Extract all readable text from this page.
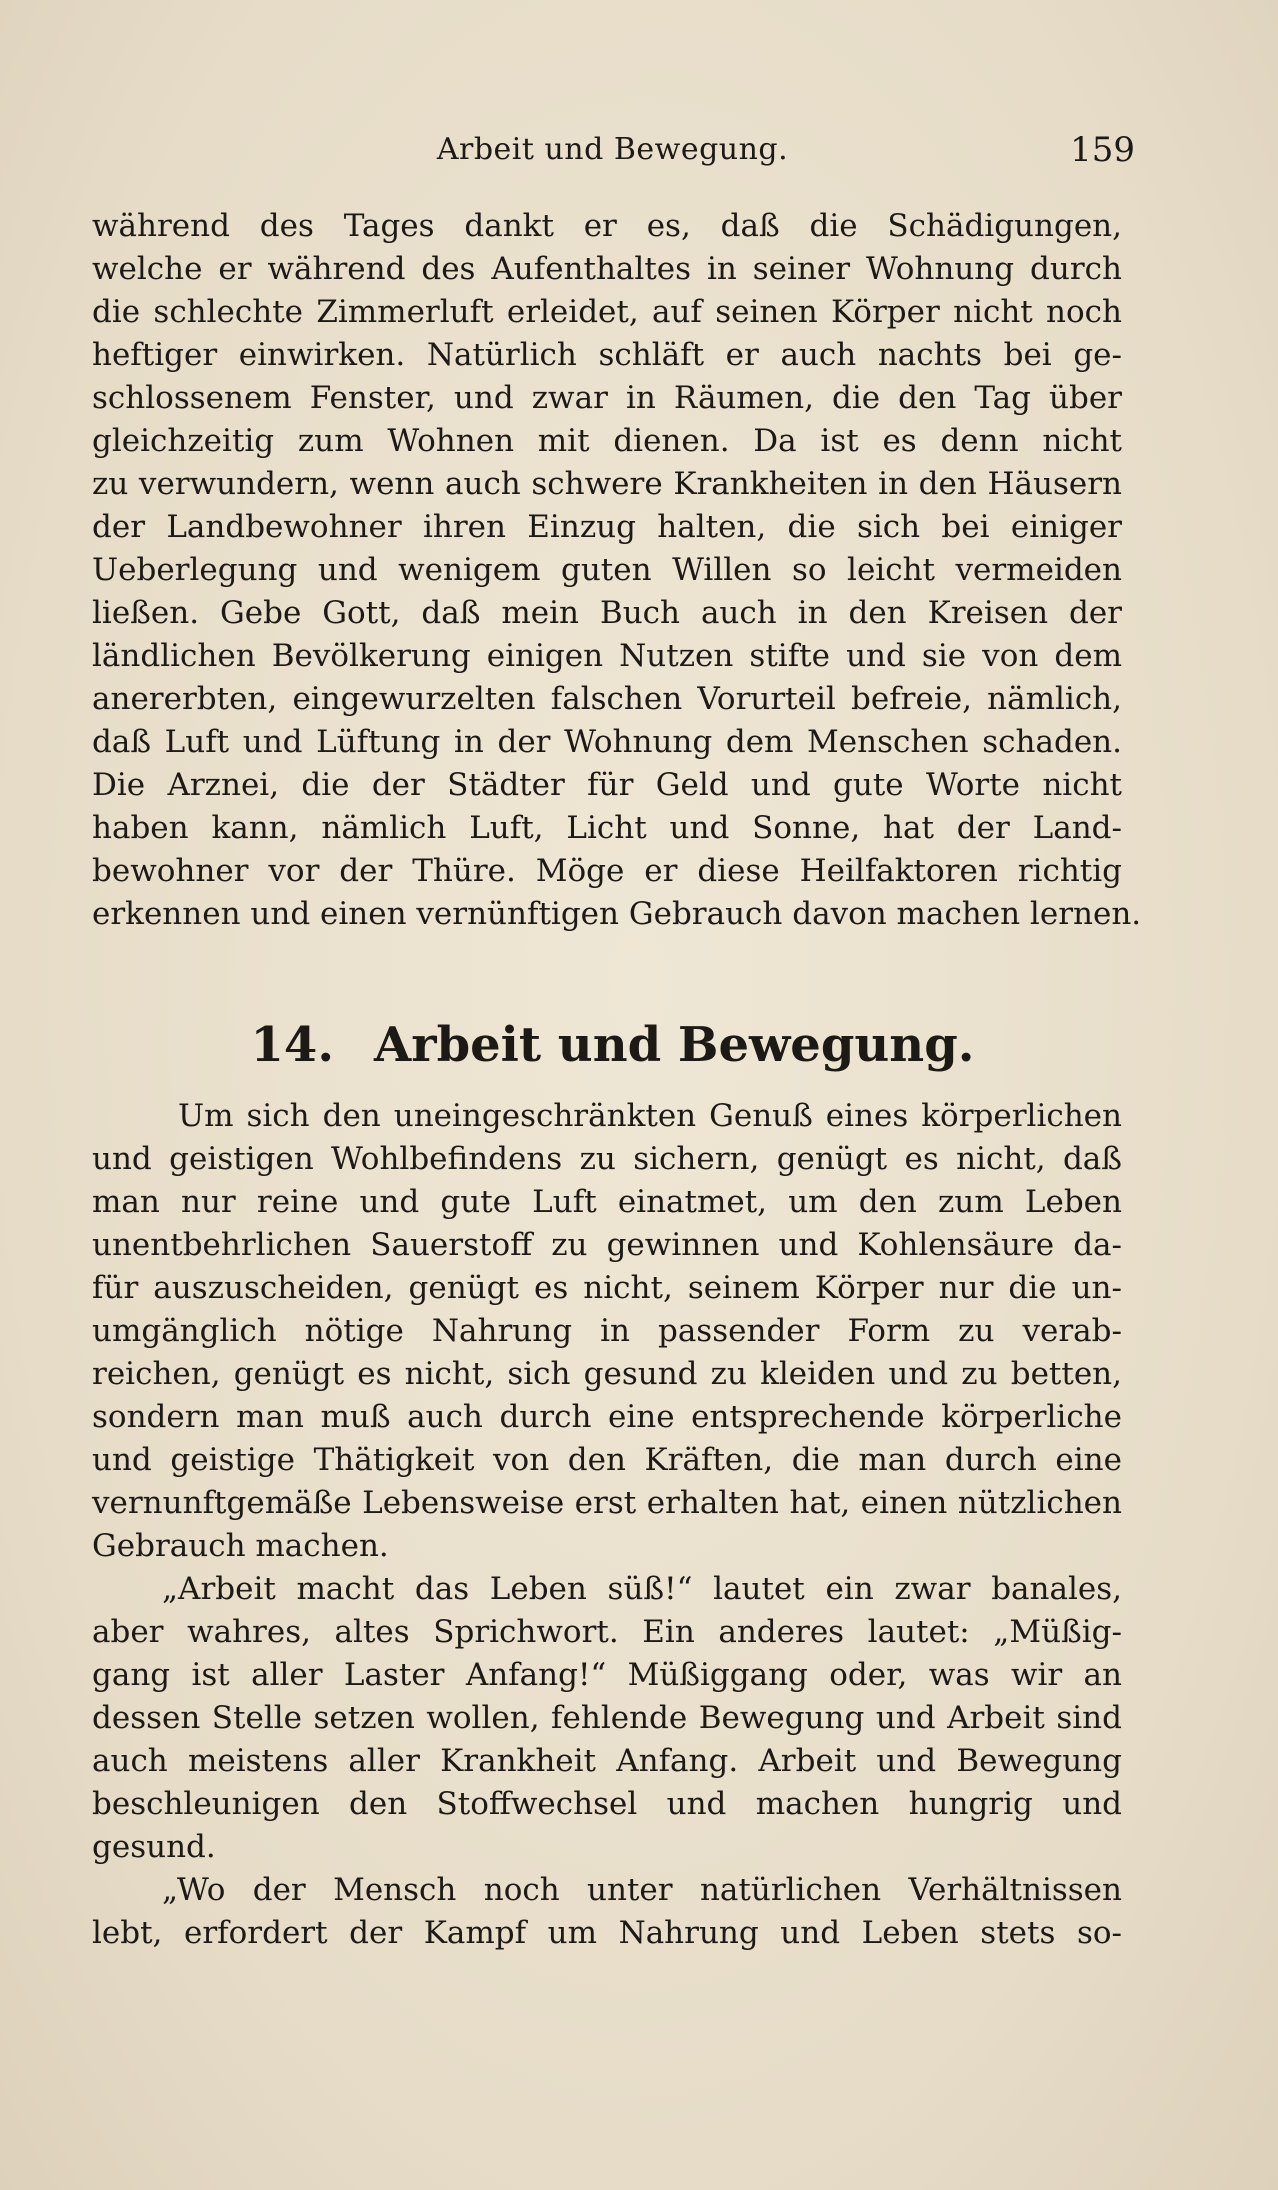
Arbeit und Bewegung.	159
während des Tages dankt er es, daß die Schädigungen,
welche er während des Aufenthaltes in seiner Wohnung durch
die schlechte Zimmerluft erleidet, auf seinen Körper nicht noch
heftiger einwirken. Natürlich schläft er auch nachts bei ge-
schlossenem Fenster, und zwar in Räumen, die den Tag über
gleichzeitig zum Wohnen mit dienen. Da ist es denn nicht
zu verwundern, wenn auch schwere Krankheiten in den Häusern
der Landbewohner ihren Einzug halten, die sich bei einiger
Ueberlegung und wenigem guten Willen so leicht vermeiden
ließen. Gebe Gott, daß mein Buch auch in den Kreisen der
ländlichen Bevölkerung einigen Nutzen stifte und sie von dem
anererbten, eingewurzelten falschen Vorurteil befreie, nämlich,
daß Luft und Lüftung in der Wohnung dem Menschen schaden.
Die Arznei, die der Städter für Geld und gute Worte nicht
haben kann, nämlich Luft, Licht und Sonne, hat der Land-
bewohner vor der Thüre. Möge er diese Heilfaktoren richtig
erkennen und einen vernünftigen Gebrauch davon machen lernen.
14. Arbeit und Bewegung.
Um sich den uneingeschränkten Genuß eines körperlichen
und geistigen Wohlbefindens zu sichern, genügt es nicht, daß
man nur reine und gute Luft einatmet, um den zum Leben
unentbehrlichen Sauerstoff zu gewinnen und Kohlensäure da-
für auszuscheiden, genügt es nicht, seinem Körper nur die un-
umgänglich nötige Nahrung in passender Form zu verab-
reichen, genügt es nicht, sich gesund zu kleiden und zu betten,
sondern man muß auch durch eine entsprechende körperliche
und geistige Thätigkeit von den Kräften, die man durch eine
vernunftgemäße Lebensweise erst erhalten hat, einen nützlichen
Gebrauch machen.
„Arbeit macht das Leben süß!“ lautet ein zwar banales,
aber wahres, altes Sprichwort. Ein anderes lautet: „Müßig-
gang ist aller Laster Anfang!“ Müßiggang oder, was wir an
dessen Stelle setzen wollen, fehlende Bewegung und Arbeit sind
auch meistens aller Krankheit Anfang. Arbeit und Bewegung
beschleunigen den Stoffwechsel und machen hungrig und
gesund.
„Wo der Mensch noch unter natürlichen Verhältnissen
lebt, erfordert der Kampf um Nahrung und Leben stets so-
